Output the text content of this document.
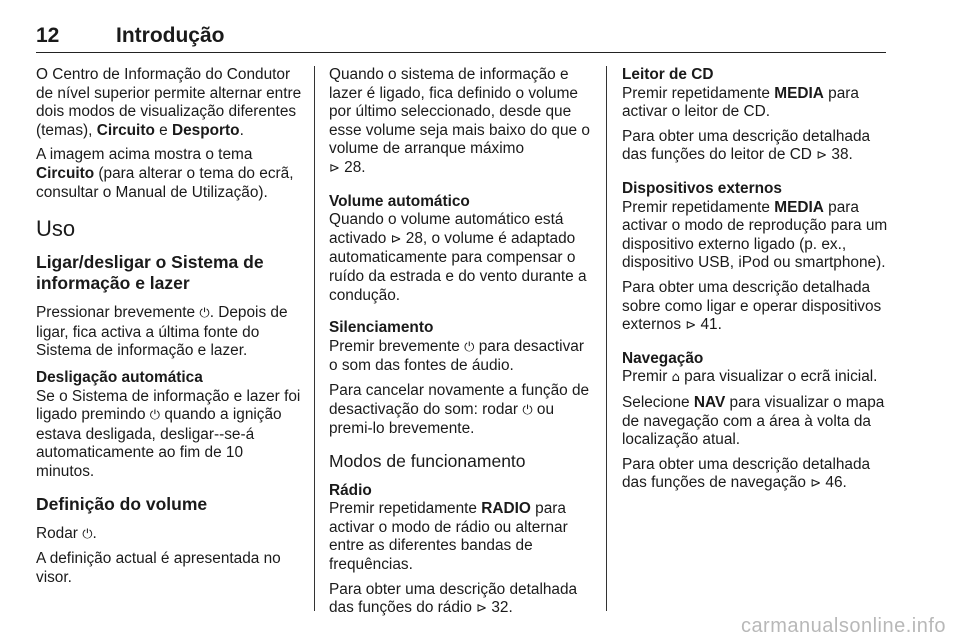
12	Introdução

O Centro de Informação do Condutor de nível superior permite alternar entre dois modos de visualização diferentes (temas), Circuito e Desporto.

A imagem acima mostra o tema
Circuito (para alterar o tema do ecrã, consultar o Manual de Utilização).

Uso
Ligar/desligar o Sistema de informação e lazer

Pressionar brevemente ⏻. Depois de ligar, fica activa a última fonte do Sistema de informação e lazer.

Desligação automática

Se o Sistema de informação e lazer foi ligado premindo ⏻ quando a ignição estava desligada, desligar--se-á automaticamente ao fim de 10 minutos.

Definição do volume

Rodar ⏻.

A definição actual é apresentada no visor.

Quando o sistema de informação e lazer é ligado, fica definido o volume por último seleccionado, desde que esse volume seja mais baixo do que o volume de arranque máximo
⊳ 28.

Volume automático

Quando o volume automático está activado ⊳ 28, o volume é adaptado automaticamente para compensar o ruído da estrada e do vento durante a condução.

Silenciamento

Premir brevemente ⏻ para desactivar o som das fontes de áudio.

Para cancelar novamente a função de desactivação do som: rodar ⏻ ou premi-lo brevemente.

Modos de funcionamento
Rádio

Premir repetidamente RADIO para activar o modo de rádio ou alternar entre as diferentes bandas de frequências.

Para obter uma descrição detalhada das funções do rádio ⊳ 32.

Leitor de CD

Premir repetidamente MEDIA para activar o leitor de CD.

Para obter uma descrição detalhada das funções do leitor de CD ⊳ 38.

Dispositivos externos

Premir repetidamente MEDIA para activar o modo de reprodução para um dispositivo externo ligado (p. ex., dispositivo USB, iPod ou smartphone).

Para obter uma descrição detalhada sobre como ligar e operar dispositivos externos ⊳ 41.

Navegação

Premir ⌂ para visualizar o ecrã inicial.

Selecione NAV para visualizar o mapa de navegação com a área à volta da localização atual.

Para obter uma descrição detalhada das funções de navegação ⊳ 46.

carmanualsonline.info
